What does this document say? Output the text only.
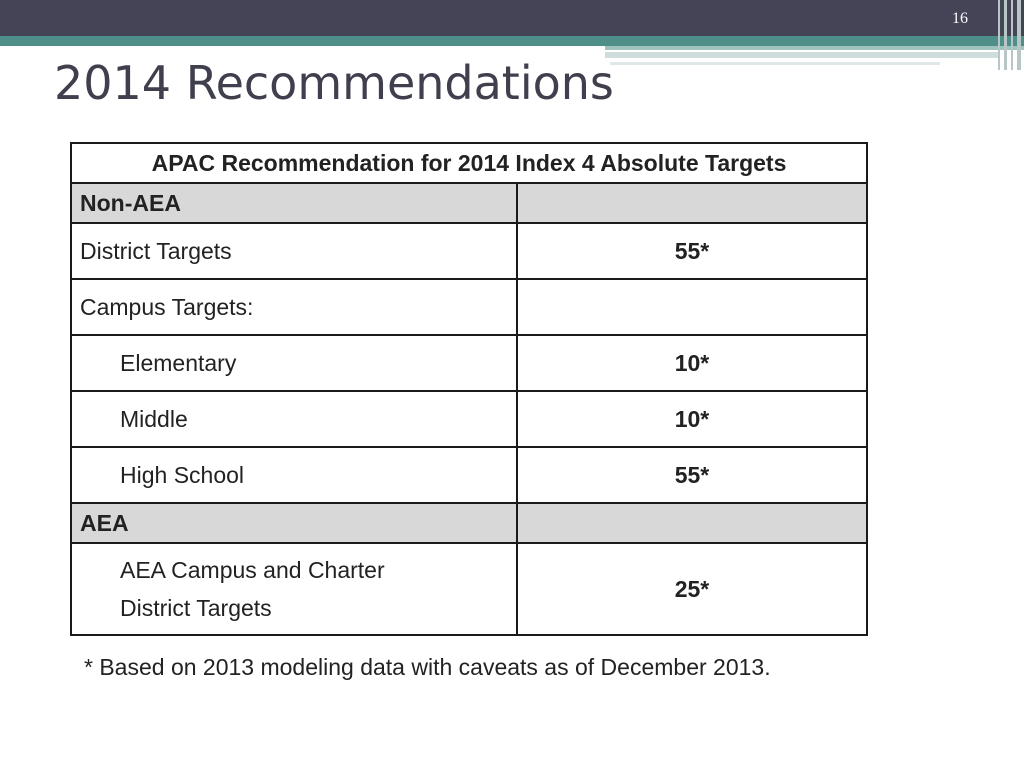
16
2014 Recommendations
APAC Recommendation for 2014 Index 4 Absolute Targets	
Non-AEA	
District Targets	55*
Campus Targets:	
Elementary	10*
Middle	10*
High School	55*
AEA	

AEA Campus and Charter
District Targets	25*
* Based on 2013 modeling data with caveats as of December 2013.
